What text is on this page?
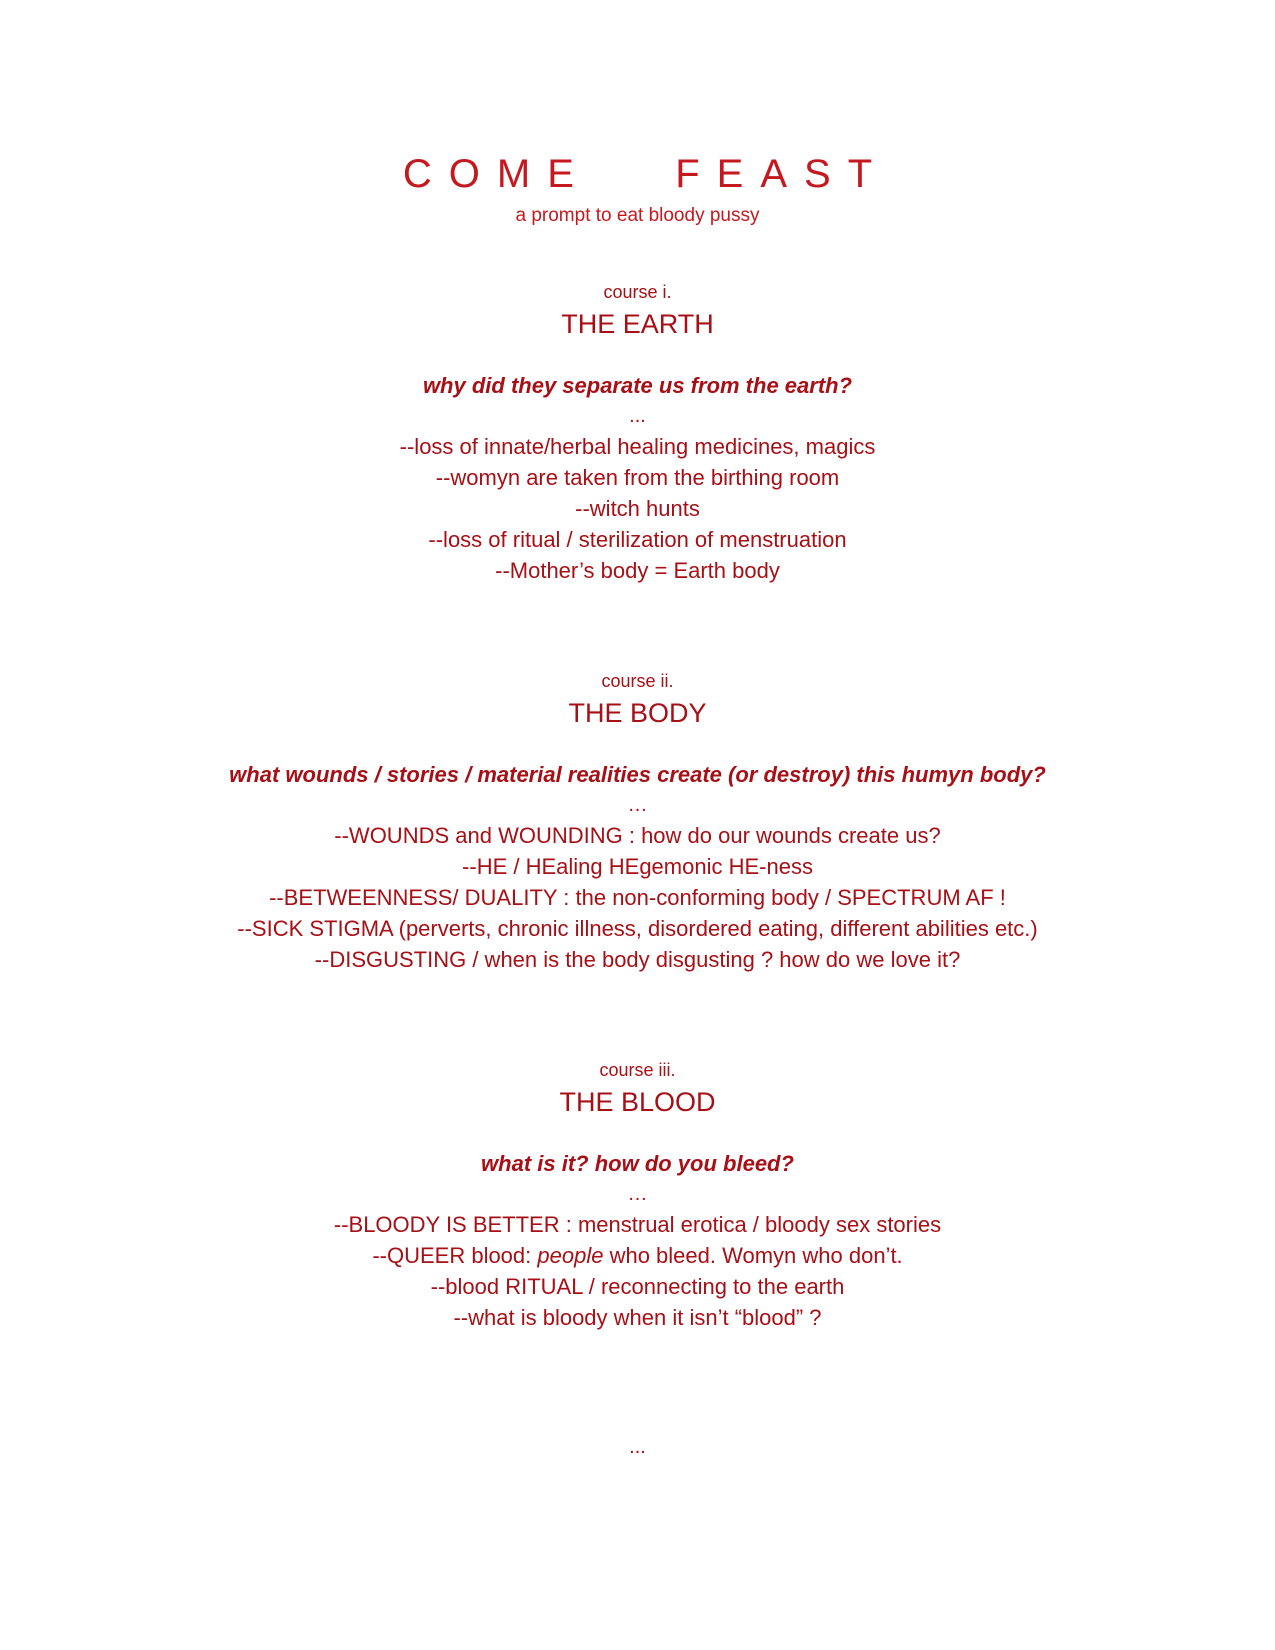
COME   FEAST
a prompt to eat bloody pussy
course i.
THE EARTH
why did they separate us from the earth?
...
--loss of innate/herbal healing medicines, magics
--womyn are taken from the birthing room
--witch hunts
--loss of ritual / sterilization of menstruation
--Mother’s body = Earth body
course ii.
THE BODY
what wounds / stories / material realities create (or destroy) this humyn body?
…
--WOUNDS and WOUNDING : how do our wounds create us?
--HE / HEaling HEgemonic HE-ness
--BETWEENNESS/ DUALITY : the non-conforming body / SPECTRUM AF !
--SICK STIGMA (perverts, chronic illness, disordered eating, different abilities etc.)
--DISGUSTING / when is the body disgusting ? how do we love it?
course iii.
THE BLOOD
what is it? how do you bleed?
…
--BLOODY IS BETTER : menstrual erotica / bloody sex stories
--QUEER blood: people who bleed. Womyn who don’t.
--blood RITUAL / reconnecting to the earth
--what is bloody when it isn’t “blood” ?
...
